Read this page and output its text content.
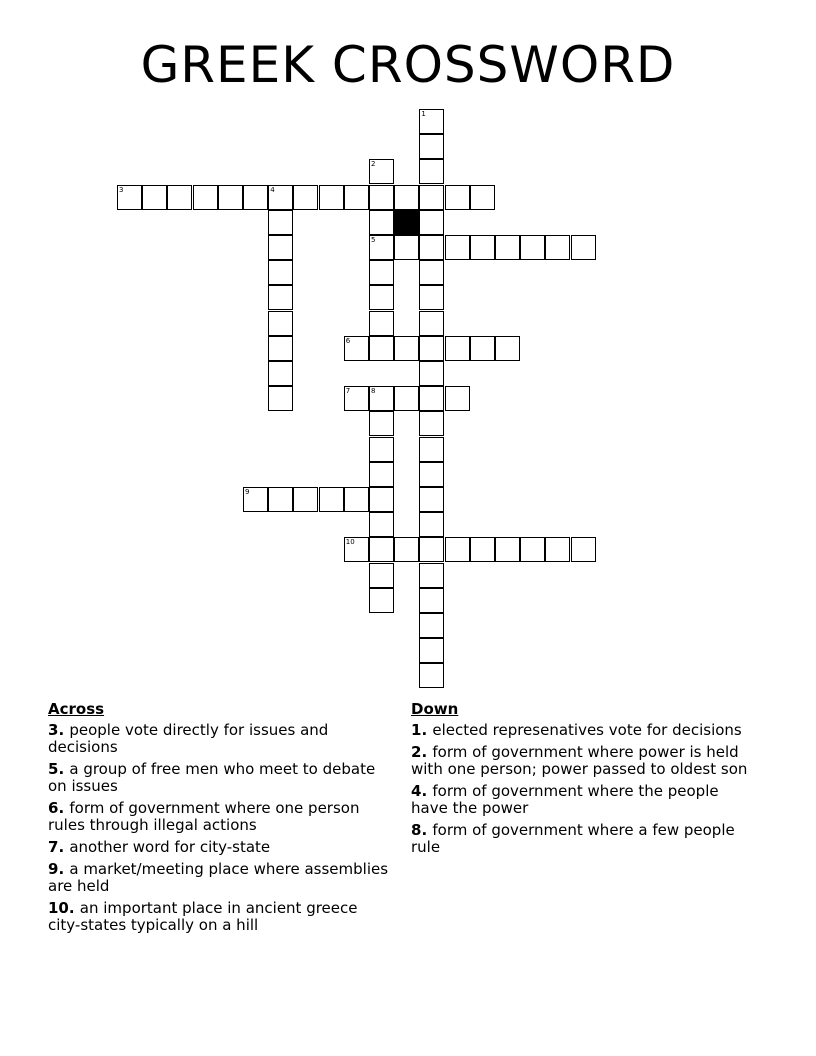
GREEK CROSSWORD
1
2
5
3	4
6
7	8
9
10
Across
3. people vote directly for issues and decisions
5. a group of free men who meet to debate on issues
6. form of government where one person rules through illegal actions
7. another word for city-state
9. a market/meeting place where assemblies are held
10. an important place in ancient greece city-states typically on a hill
Down
1. elected represenatives vote for decisions
2. form of government where power is held with one person; power passed to oldest son
4. form of government where the people have the power
8. form of government where a few people rule
